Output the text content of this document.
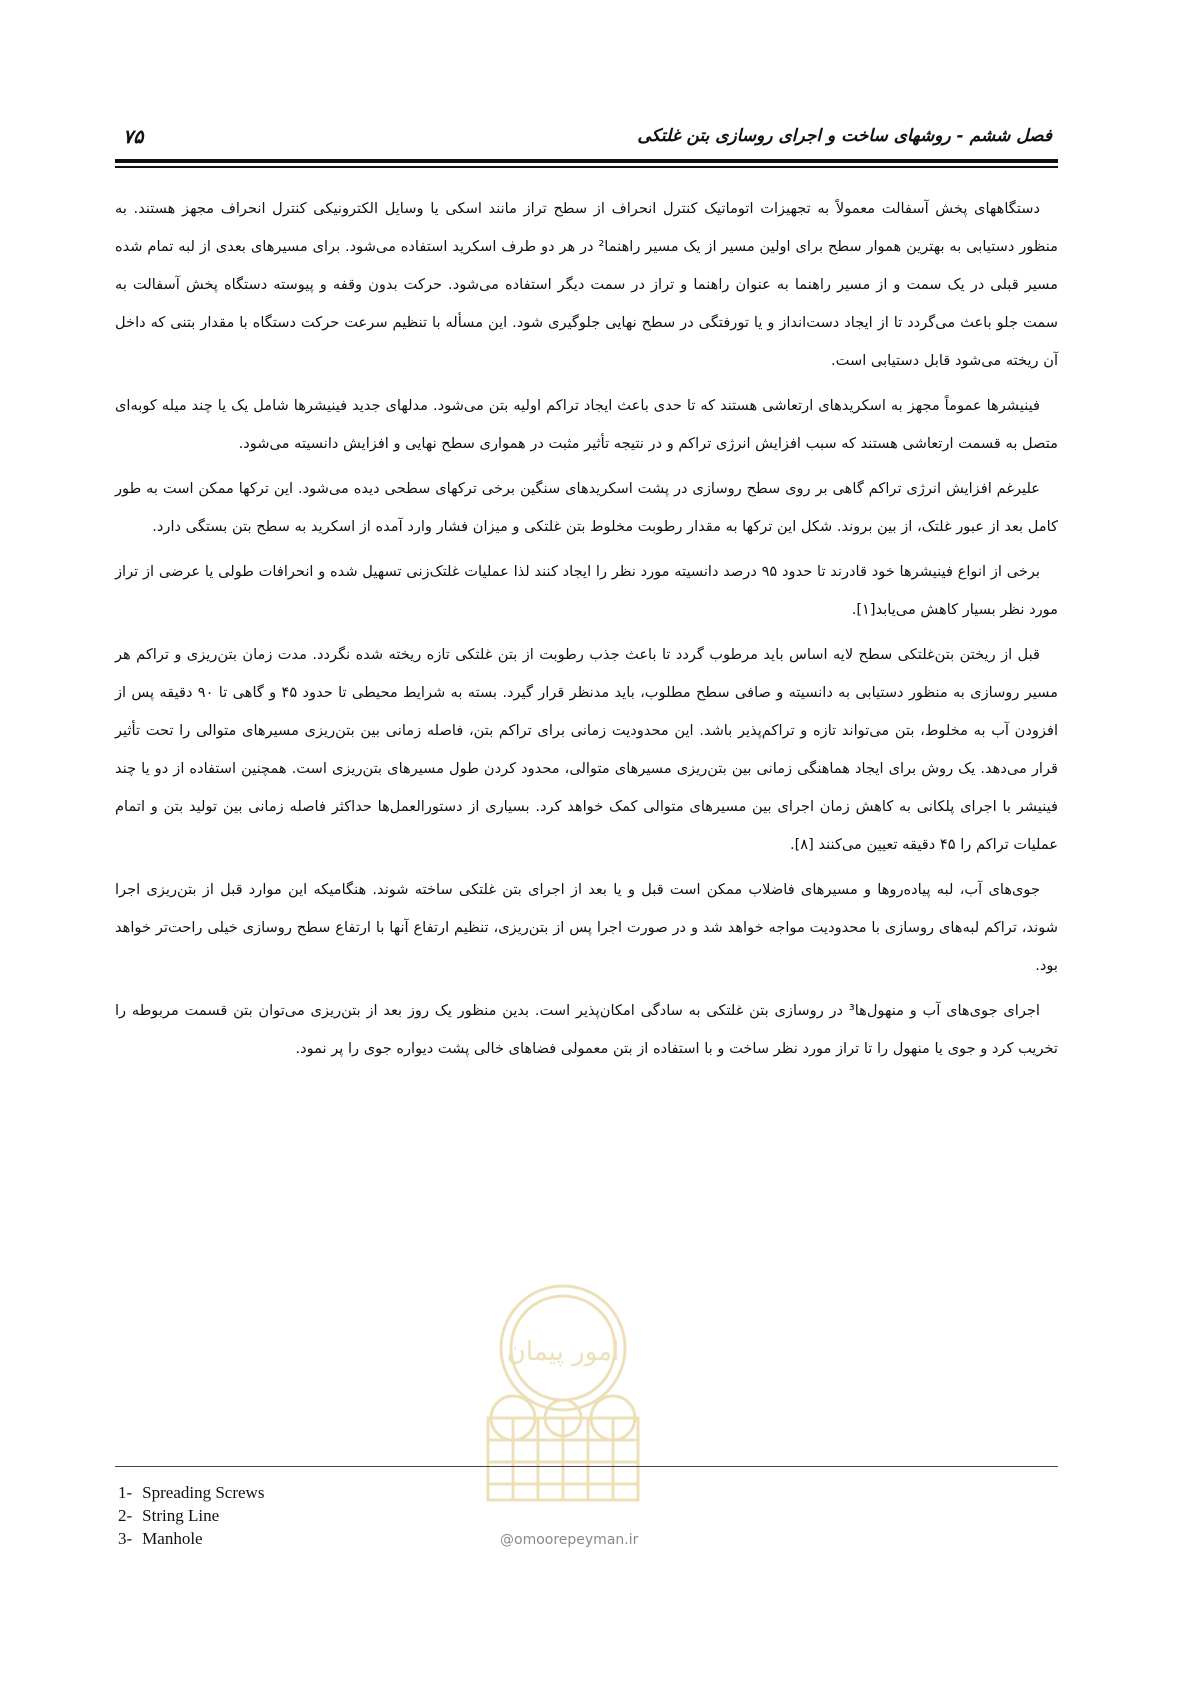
۷۵	فصل ششم - روشهای ساخت و اجرای روسازی بتن غلتکی

دستگاههای پخش آسفالت معمولاً به تجهیزات اتوماتیک کنترل انحراف از سطح تراز مانند اسکی یا وسایل الکترونیکی کنترل انحراف مجهز هستند. به منظور دستیابی به بهترین هموار سطح برای اولین مسیر از یک مسیر راهنما² در هر دو طرف اسکرید استفاده می‌شود. برای مسیرهای بعدی از لبه تمام شده مسیر قبلی در یک سمت و از مسیر راهنما به عنوان راهنما و تراز در سمت دیگر استفاده می‌شود. حرکت بدون وقفه و پیوسته دستگاه پخش آسفالت به سمت جلو باعث می‌گردد تا از ایجاد دست‌انداز و یا تورفتگی در سطح نهایی جلوگیری شود. این مسأله با تنظیم سرعت حرکت دستگاه با مقدار بتنی که داخل آن ریخته می‌شود قابل دستیابی است.

فینیشرها عموماً مجهز به اسکریدهای ارتعاشی هستند که تا حدی باعث ایجاد تراکم اولیه بتن می‌شود. مدلهای جدید فینیشرها شامل یک یا چند میله کوبه‌ای متصل به قسمت ارتعاشی هستند که سبب افزایش انرژی تراکم و در نتیجه تأثیر مثبت در همواری سطح نهایی و افزایش دانسیته می‌شود.

علیرغم افزایش انرژی تراکم گاهی بر روی سطح روسازی در پشت اسکریدهای سنگین برخی ترکهای سطحی دیده می‌شود. این ترکها ممکن است به طور کامل بعد از عبور غلتک، از بین بروند. شکل این ترکها به مقدار رطوبت مخلوط بتن غلتکی و میزان فشار وارد آمده از اسکرید به سطح بتن بستگی دارد.

برخی از انواع فینیشرها خود قادرند تا حدود ۹۵ درصد دانسیته مورد نظر را ایجاد کنند لذا عملیات غلتک‌زنی تسهیل شده و انحرافات طولی یا عرضی از تراز مورد نظر بسیار کاهش می‌یابد[۱].

قبل از ریختن بتن‌غلتکی سطح لایه اساس باید مرطوب گردد تا باعث جذب رطوبت از بتن غلتکی تازه ریخته شده نگردد. مدت زمان بتن‌ریزی و تراکم هر مسیر روسازی به منظور دستیابی به دانسیته و صافی سطح مطلوب، باید مدنظر قرار گیرد. بسته به شرایط محیطی تا حدود ۴۵ و گاهی تا ۹۰ دقیقه پس از افزودن آب به مخلوط، بتن می‌تواند تازه و تراکم‌پذیر باشد. این محدودیت زمانی برای تراکم بتن، فاصله زمانی بین بتن‌ریزی مسیرهای متوالی را تحت تأثیر قرار می‌دهد. یک روش برای ایجاد هماهنگی زمانی بین بتن‌ریزی مسیرهای متوالی، محدود کردن طول مسیرهای بتن‌ریزی است. همچنین استفاده از دو یا چند فینیشر با اجرای پلکانی به کاهش زمان اجرای بین مسیرهای متوالی کمک خواهد کرد. بسیاری از دستورالعمل‌ها حداکثر فاصله زمانی بین تولید بتن و اتمام عملیات تراکم را ۴۵ دقیقه تعیین می‌کنند [۸].

جوی‌های آب، لبه پیاده‌روها و مسیرهای فاضلاب ممکن است قبل و یا بعد از اجرای بتن غلتکی ساخته شوند. هنگامیکه این موارد قبل از بتن‌ریزی اجرا شوند، تراکم لبه‌های روسازی با محدودیت مواجه خواهد شد و در صورت اجرا پس از بتن‌ریزی، تنظیم ارتفاع آنها با ارتفاع سطح روسازی خیلی راحت‌تر خواهد بود.

اجرای جوی‌های آب و منهول‌ها³ در روسازی بتن غلتکی به سادگی امکان‌پذیر است. بدین منظور یک روز بعد از بتن‌ریزی می‌توان بتن قسمت مربوطه را تخریب کرد و جوی یا منهول را تا تراز مورد نظر ساخت و با استفاده از بتن معمولی فضاهای خالی پشت دیواره جوی را پر نمود.

امور پیمان
1- Spreading Screws
2- String Line
3- Manhole	@omoorepeyman.ir
